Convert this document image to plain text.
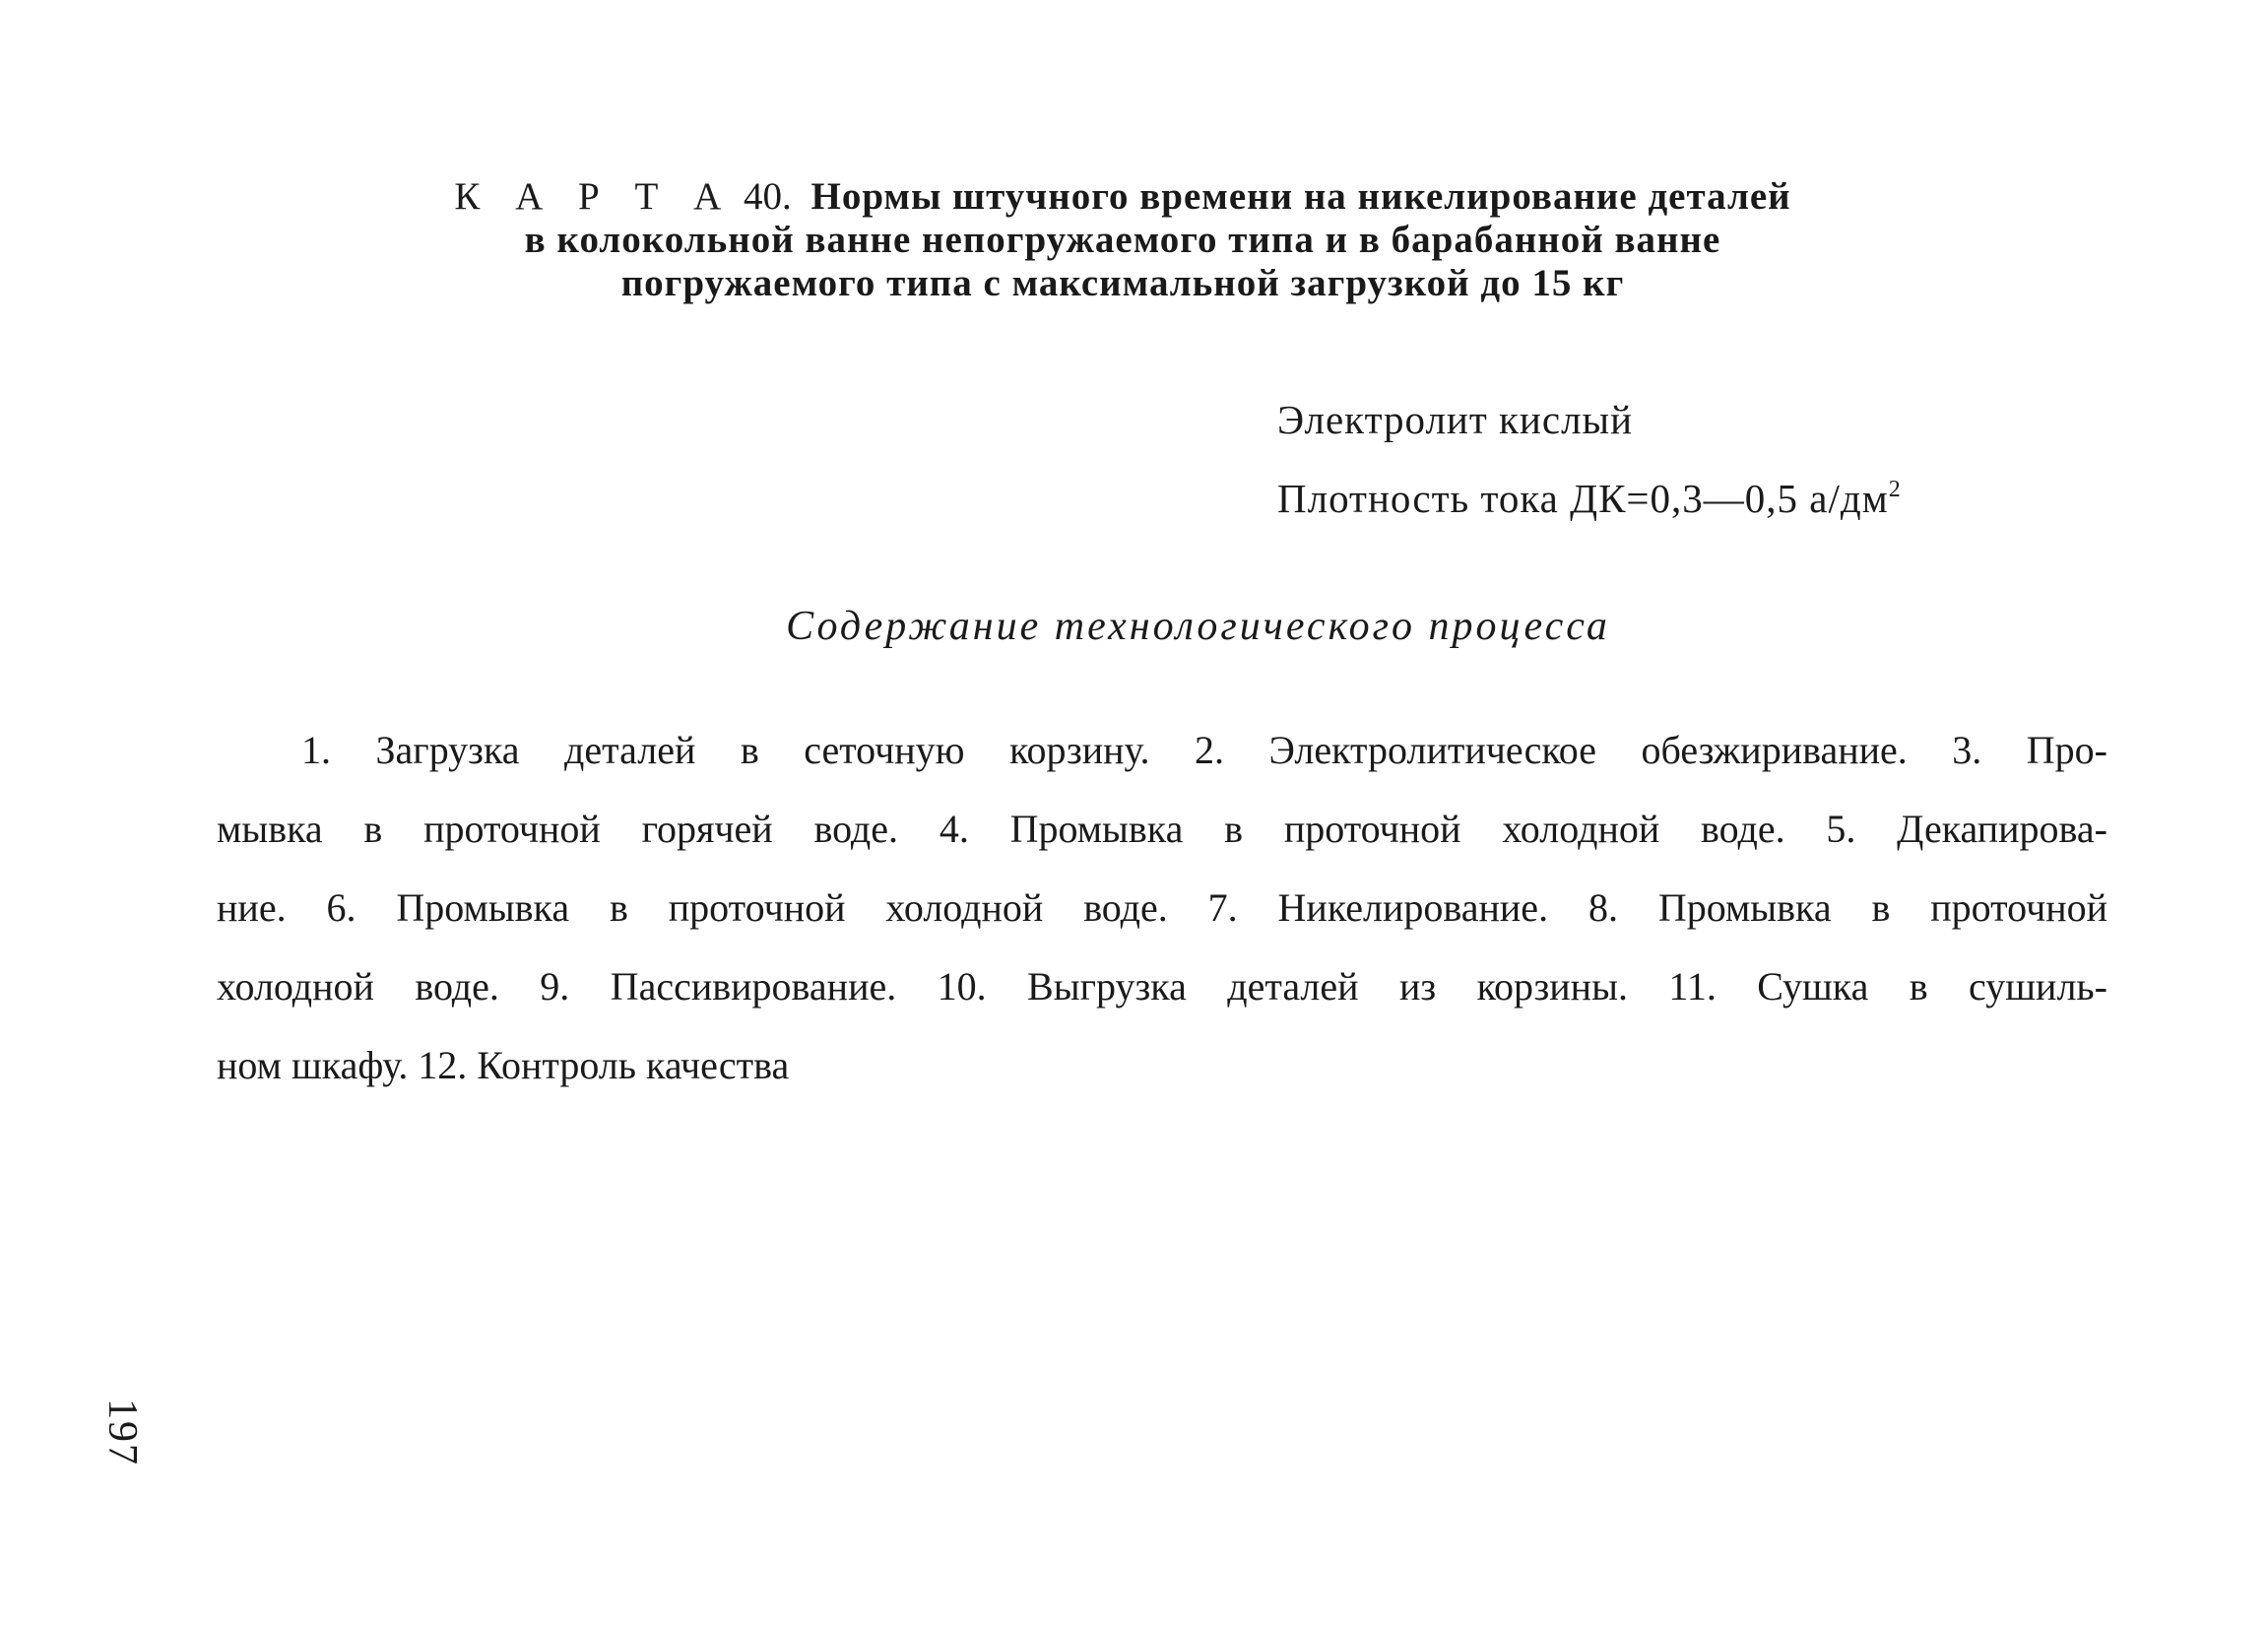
К А Р Т А 40. Нормы штучного времени на никелирование деталей
в колокольной ванне непогружаемого типа и в барабанной ванне
погружаемого типа с максимальной загрузкой до 15 кг
Электролит кислый
Плотность тока ДК=0,3—0,5 $а/дм^2$
Содержание технологического процесса
1. Загрузка деталей в сеточную корзину. 2. Электролитическое обезжиривание. 3. Про-
мывка в проточной горячей воде. 4. Промывка в проточной холодной воде. 5. Декапирова-
ние. 6. Промывка в проточной холодной воде. 7. Никелирование. 8. Промывка в проточной
холодной воде. 9. Пассивирование. 10. Выгрузка деталей из корзины. 11. Сушка в сушиль-
ном шкафу. 12. Контроль качества
197
